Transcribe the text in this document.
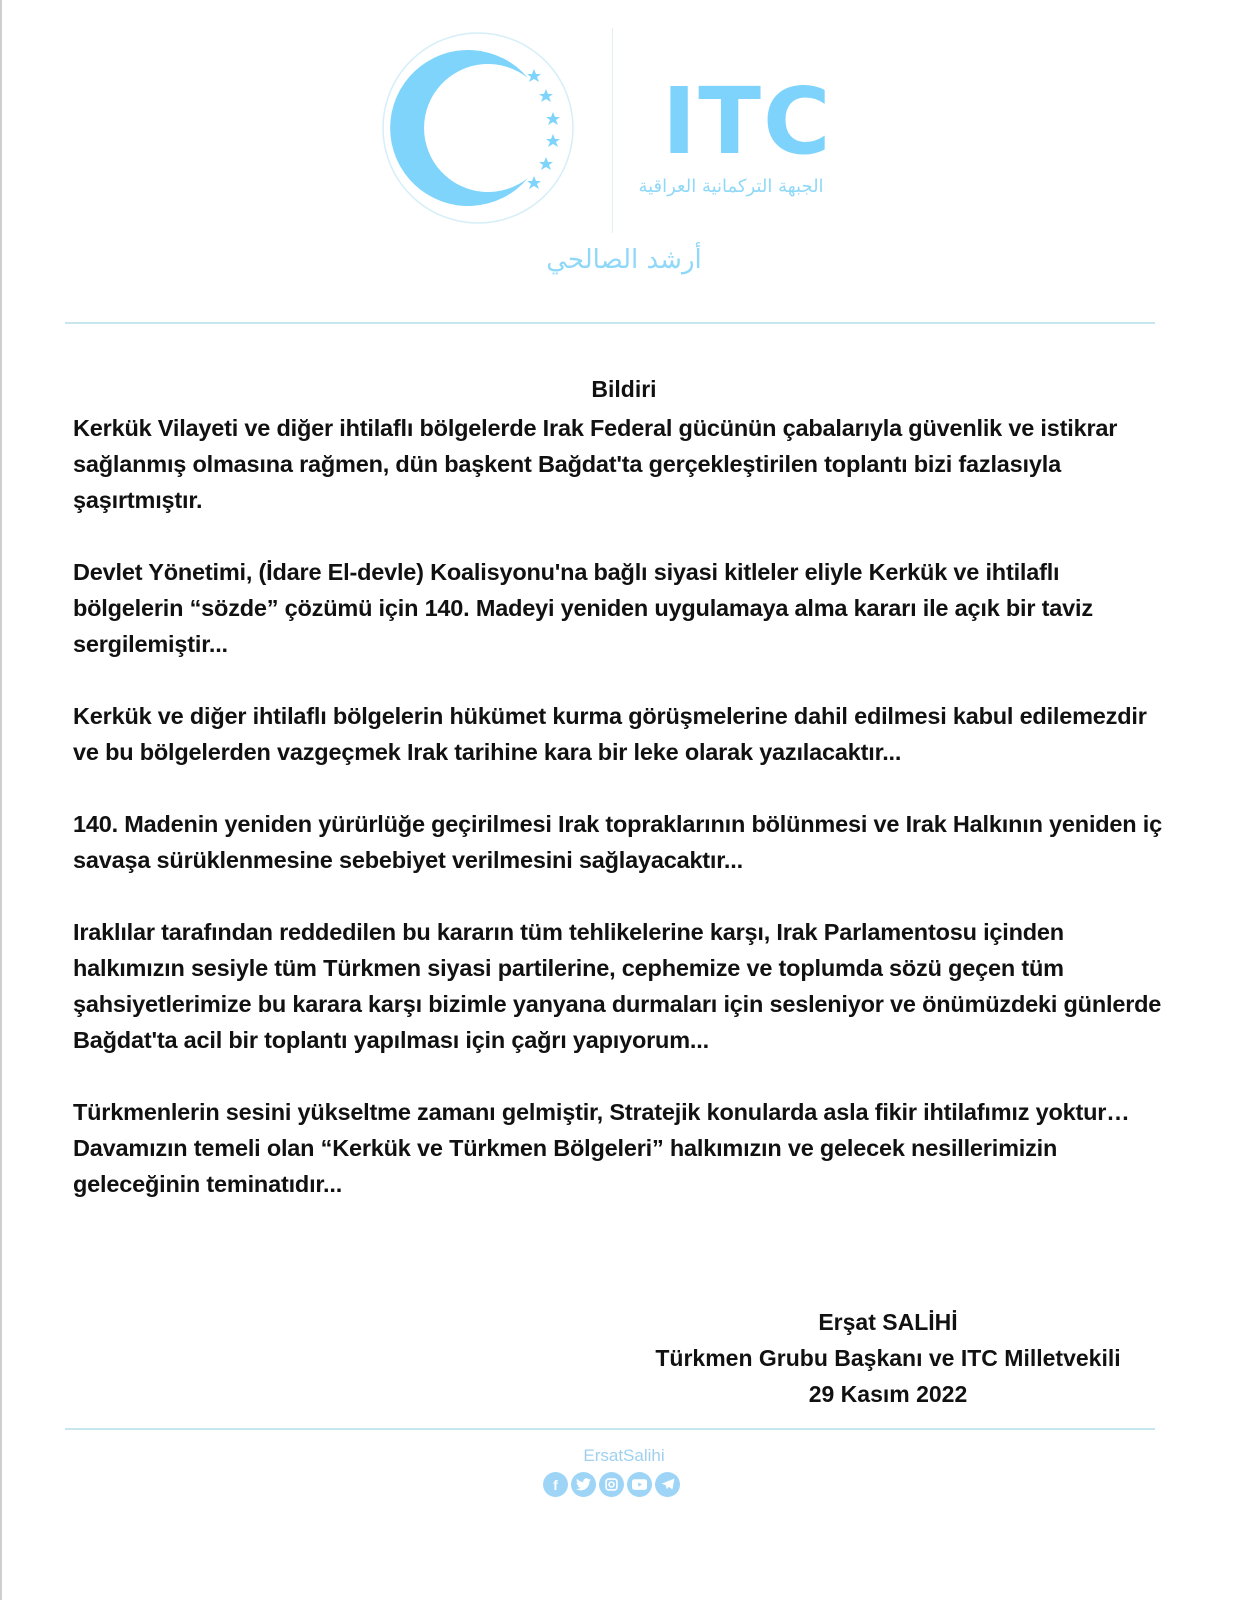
ITC
الجبهة التركمانية العراقية
أرشد الصالحي
Bildiri

Kerkük Vilayeti ve diğer ihtilaflı bölgelerde Irak Federal gücünün çabalarıyla güvenlik ve istikrar sağlanmış olmasına rağmen, dün başkent Bağdat'ta gerçekleştirilen toplantı bizi fazlasıyla şaşırtmıştır.

Devlet Yönetimi, (İdare El-devle) Koalisyonu'na bağlı siyasi kitleler eliyle Kerkük ve ihtilaflı bölgelerin “sözde” çözümü için 140. Madeyi yeniden uygulamaya alma kararı ile açık bir taviz sergilemiştir...

Kerkük ve diğer ihtilaflı bölgelerin hükümet kurma görüşmelerine dahil edilmesi kabul edilemezdir ve bu bölgelerden vazgeçmek Irak tarihine kara bir leke olarak yazılacaktır...

140. Madenin yeniden yürürlüğe geçirilmesi Irak topraklarının bölünmesi ve Irak Halkının yeniden iç savaşa sürüklenmesine sebebiyet verilmesini sağlayacaktır...

Iraklılar tarafından reddedilen bu kararın tüm tehlikelerine karşı, Irak Parlamentosu içinden halkımızın sesiyle tüm Türkmen siyasi partilerine, cephemize ve toplumda sözü geçen tüm şahsiyetlerimize bu karara karşı bizimle yanyana durmaları için sesleniyor ve önümüzdeki günlerde Bağdat'ta acil bir toplantı yapılması için çağrı yapıyorum...

Türkmenlerin sesini yükseltme zamanı gelmiştir, Stratejik konularda asla fikir ihtilafımız yoktur…Davamızın temeli olan “Kerkük ve Türkmen Bölgeleri” halkımızın ve gelecek nesillerimizin geleceğinin teminatıdır...

Erşat SALİHİ
Türkmen Grubu Başkanı ve ITC Milletvekili
29 Kasım 2022
ErsatSalihi
f
